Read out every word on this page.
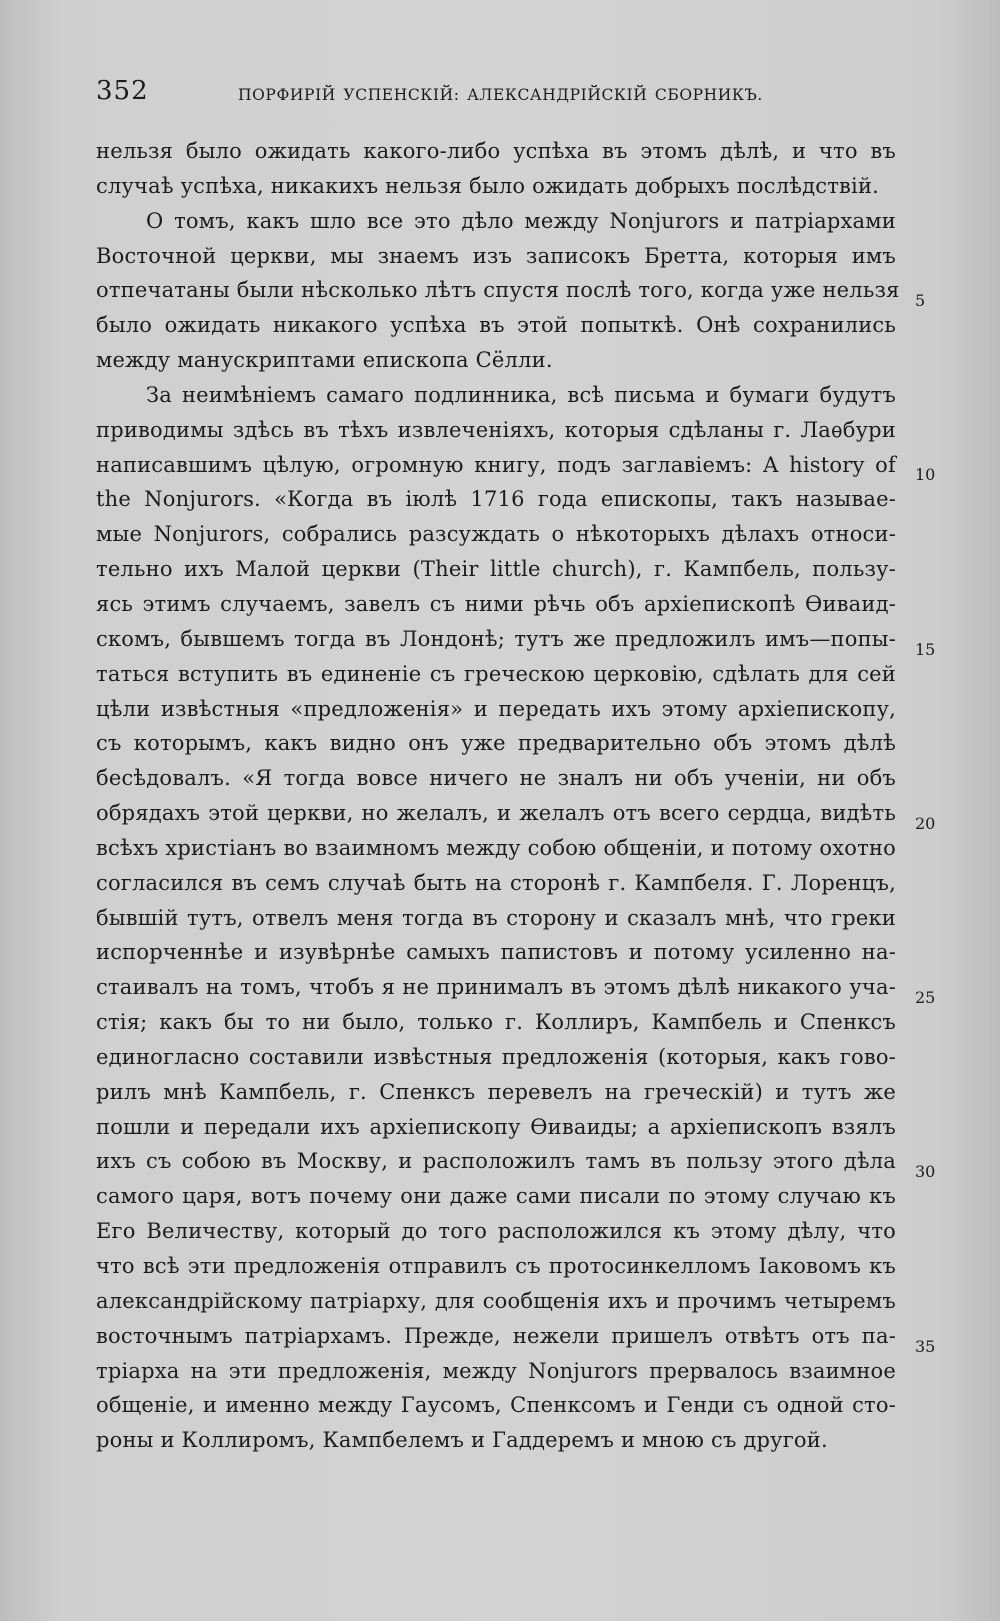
352	ПОРФИРІЙ УСПЕНСКІЙ: АЛЕКСАНДРІЙСКІЙ СБОРНИКЪ.
нельзя было ожидать какого-либо успѣха въ этомъ дѣлѣ, и что въ
случаѣ успѣха, никакихъ нельзя было ожидать добрыхъ послѣдствій.
О томъ, какъ шло все это дѣло между Nonjurors и патріархами
Восточной церкви, мы знаемъ изъ записокъ Бретта, которыя имъ
отпечатаны были нѣсколько лѣтъ спустя послѣ того, когда уже нельзя
было ожидать никакого успѣха въ этой попыткѣ. Онѣ сохранились
между манускриптами епископа Сёлли.
За неимѣніемъ самаго подлинника, всѣ письма и бумаги будутъ
приводимы здѣсь въ тѣхъ извлеченіяхъ, которыя сдѣланы г. Лаѳбури
написавшимъ цѣлую, огромную книгу, подъ заглавіемъ: A history of
the Nonjurors. «Когда въ іюлѣ 1716 года епископы, такъ называе-
мые Nonjurors, собрались разсуждать о нѣкоторыхъ дѣлахъ относи-
тельно ихъ Малой церкви (Their little church), г. Кампбель, пользу-
ясь этимъ случаемъ, завелъ съ ними рѣчь объ архіепископѣ Ѳиваид-
скомъ, бывшемъ тогда въ Лондонѣ; тутъ же предложилъ имъ—попы-
таться вступить въ единеніе съ греческою церковію, сдѣлать для сей
цѣли извѣстныя «предложенія» и передать ихъ этому архіепископу,
съ которымъ, какъ видно онъ уже предварительно объ этомъ дѣлѣ
бесѣдовалъ. «Я тогда вовсе ничего не зналъ ни объ ученіи, ни объ
обрядахъ этой церкви, но желалъ, и желалъ отъ всего сердца, видѣть
всѣхъ христіанъ во взаимномъ между собою общеніи, и потому охотно
согласился въ семъ случаѣ быть на сторонѣ г. Кампбеля. Г. Лоренцъ,
бывшій тутъ, отвелъ меня тогда въ сторону и сказалъ мнѣ, что греки
испорченнѣе и изувѣрнѣе самыхъ папистовъ и потому усиленно на-
стаивалъ на томъ, чтобъ я не принималъ въ этомъ дѣлѣ никакого уча-
стія; какъ бы то ни было, только г. Коллиръ, Кампбель и Спенксъ
единогласно составили извѣстныя предложенія (которыя, какъ гово-
рилъ мнѣ Кампбель, г. Спенксъ перевелъ на греческій) и тутъ же
пошли и передали ихъ архіепископу Ѳиваиды; а архіепископъ взялъ
ихъ съ собою въ Москву, и расположилъ тамъ въ пользу этого дѣла
самого царя, вотъ почему они даже сами писали по этому случаю къ
Его Величеству, который до того расположился къ этому дѣлу, что
что всѣ эти предложенія отправилъ съ протосинкелломъ Іаковомъ къ
александрійскому патріарху, для сообщенія ихъ и прочимъ четыремъ
восточнымъ патріархамъ. Прежде, нежели пришелъ отвѣтъ отъ па-
тріарха на эти предложенія, между Nonjurors прервалось взаимное
общеніе, и именно между Гаусомъ, Спенксомъ и Генди съ одной сто-
роны и Коллиромъ, Кампбелемъ и Гаддеремъ и мною съ другой.
5
10
15
20
25
30
35
